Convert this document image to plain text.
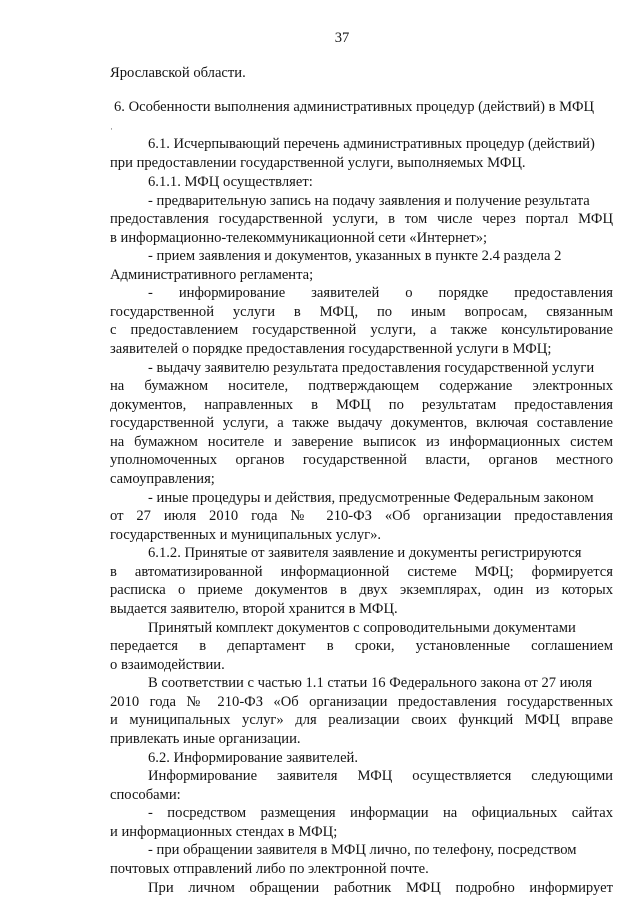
37
·
Ярославской области.
6. Особенности выполнения административных процедур (действий) в МФЦ
6.1. Исчерпывающий перечень административных процедур (действий)
при предоставлении государственной услуги, выполняемых МФЦ.
6.1.1. МФЦ осуществляет:
- предварительную запись на подачу заявления и получение результата
предоставления государственной услуги, в том числе через портал МФЦ
в информационно-телекоммуникационной сети «Интернет»;
- прием заявления и документов, указанных в пункте 2.4 раздела 2
Административного регламента;
- информирование заявителей о порядке предоставления
государственной услуги в МФЦ, по иным вопросам, связанным
с предоставлением государственной услуги, а также консультирование
заявителей о порядке предоставления государственной услуги в МФЦ;
- выдачу заявителю результата предоставления государственной услуги
на бумажном носителе, подтверждающем содержание электронных
документов, направленных в МФЦ по результатам предоставления
государственной услуги, а также выдачу документов, включая составление
на бумажном носителе и заверение выписок из информационных систем
уполномоченных органов государственной власти, органов местного
самоуправления;
- иные процедуры и действия, предусмотренные Федеральным законом
от 27 июля 2010 года № 210-ФЗ «Об организации предоставления
государственных и муниципальных услуг».
6.1.2. Принятые от заявителя заявление и документы регистрируются
в автоматизированной информационной системе МФЦ; формируется
расписка о приеме документов в двух экземплярах, один из которых
выдается заявителю, второй хранится в МФЦ.
Принятый комплект документов с сопроводительными документами
передается в департамент в сроки, установленные соглашением
о взаимодействии.
В соответствии с частью 1.1 статьи 16 Федерального закона от 27 июля
2010 года № 210-ФЗ «Об организации предоставления государственных
и муниципальных услуг» для реализации своих функций МФЦ вправе
привлекать иные организации.
6.2. Информирование заявителей.
Информирование заявителя МФЦ осуществляется следующими
способами:
- посредством размещения информации на официальных сайтах
и информационных стендах в МФЦ;
- при обращении заявителя в МФЦ лично, по телефону, посредством
почтовых отправлений либо по электронной почте.
При личном обращении работник МФЦ подробно информирует
